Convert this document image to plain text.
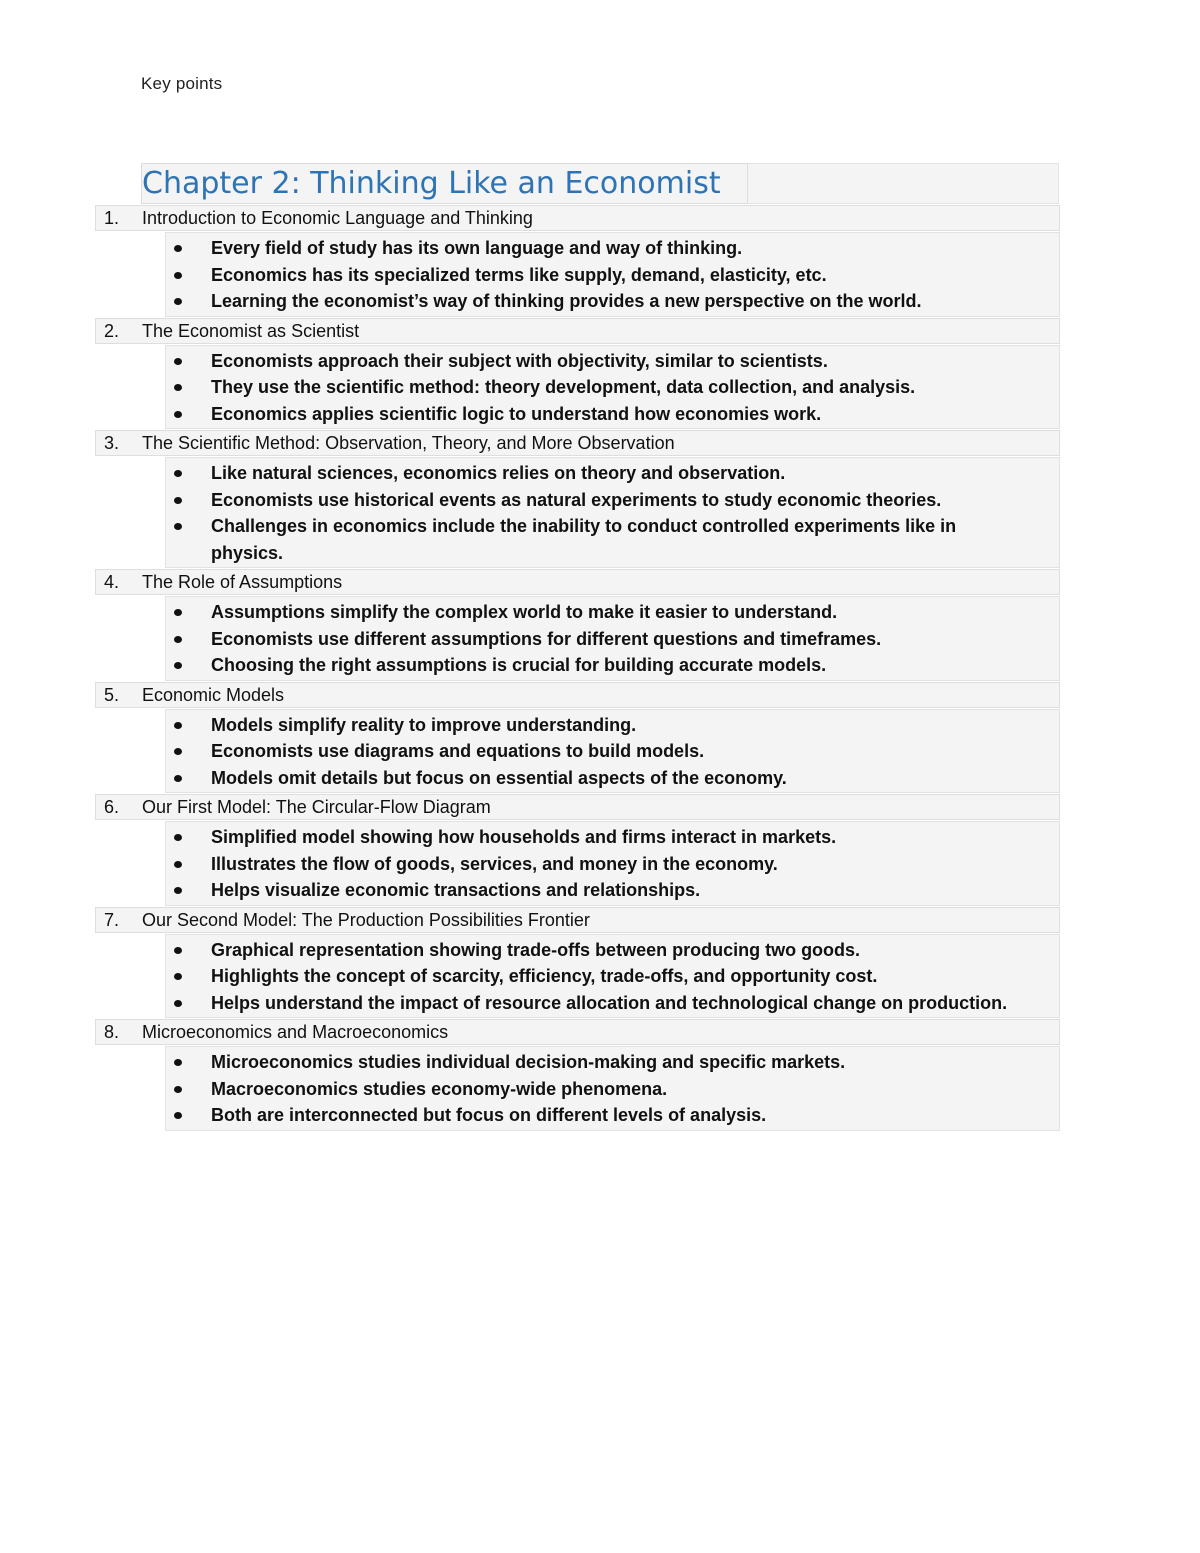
Key points
Chapter 2: Thinking Like an Economist
1. Introduction to Economic Language and Thinking
Every field of study has its own language and way of thinking.
Economics has its specialized terms like supply, demand, elasticity, etc.
Learning the economist’s way of thinking provides a new perspective on the world.
2. The Economist as Scientist
Economists approach their subject with objectivity, similar to scientists.
They use the scientific method: theory development, data collection, and analysis.
Economics applies scientific logic to understand how economies work.
3. The Scientific Method: Observation, Theory, and More Observation
Like natural sciences, economics relies on theory and observation.
Economists use historical events as natural experiments to study economic theories.
Challenges in economics include the inability to conduct controlled experiments like in physics.
4. The Role of Assumptions
Assumptions simplify the complex world to make it easier to understand.
Economists use different assumptions for different questions and timeframes.
Choosing the right assumptions is crucial for building accurate models.
5. Economic Models
Models simplify reality to improve understanding.
Economists use diagrams and equations to build models.
Models omit details but focus on essential aspects of the economy.
6. Our First Model: The Circular-Flow Diagram
Simplified model showing how households and firms interact in markets.
Illustrates the flow of goods, services, and money in the economy.
Helps visualize economic transactions and relationships.
7. Our Second Model: The Production Possibilities Frontier
Graphical representation showing trade-offs between producing two goods.
Highlights the concept of scarcity, efficiency, trade-offs, and opportunity cost.
Helps understand the impact of resource allocation and technological change on production.
8. Microeconomics and Macroeconomics
Microeconomics studies individual decision-making and specific markets.
Macroeconomics studies economy-wide phenomena.
Both are interconnected but focus on different levels of analysis.
